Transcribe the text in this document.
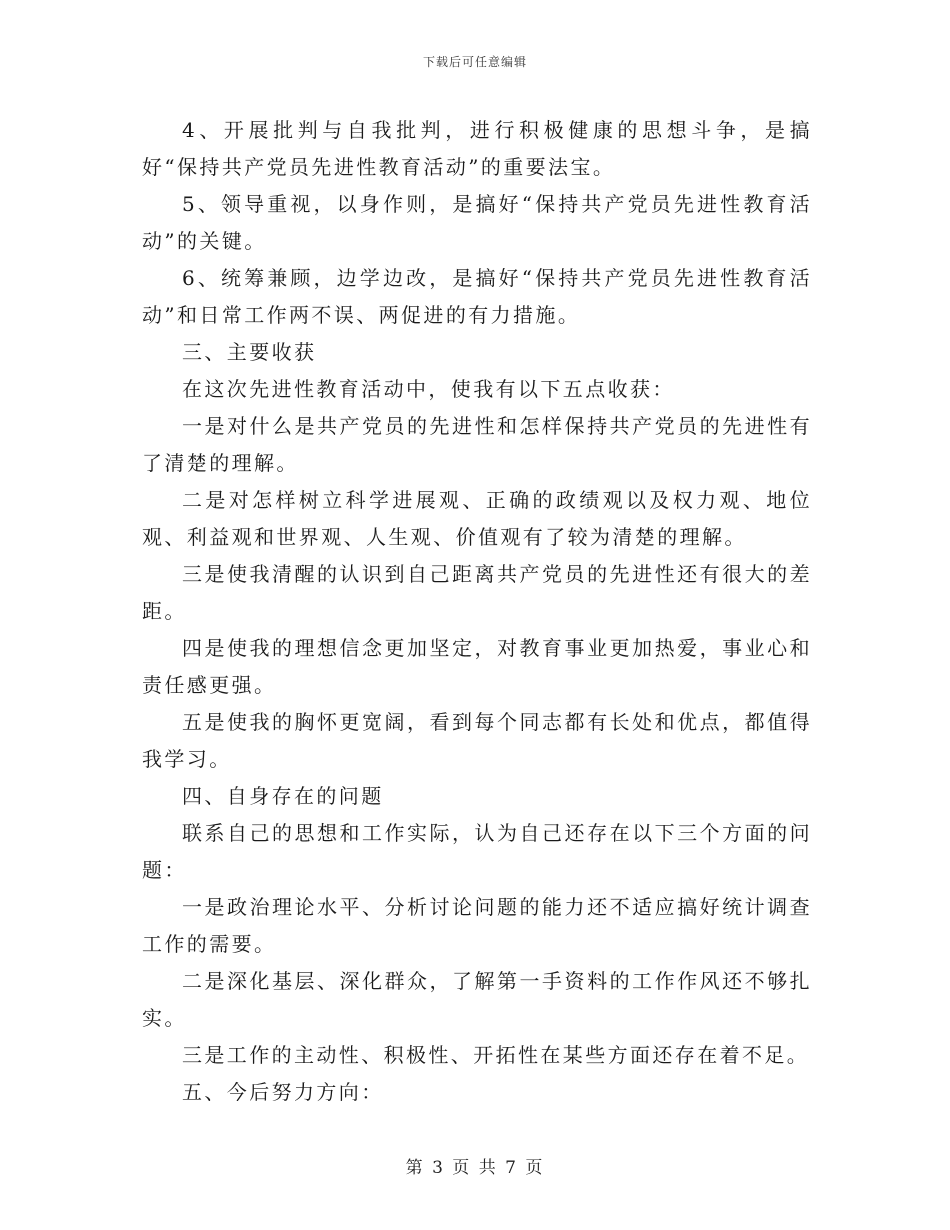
下载后可任意编辑

4、开展批判与自我批判，进行积极健康的思想斗争，是搞好“保持共产党员先进性教育活动”的重要法宝。

5、领导重视，以身作则，是搞好“保持共产党员先进性教育活动”的关键。

6、统筹兼顾，边学边改，是搞好“保持共产党员先进性教育活动”和日常工作两不误、两促进的有力措施。

三、主要收获

在这次先进性教育活动中，使我有以下五点收获：

一是对什么是共产党员的先进性和怎样保持共产党员的先进性有了清楚的理解。

二是对怎样树立科学进展观、正确的政绩观以及权力观、地位观、利益观和世界观、人生观、价值观有了较为清楚的理解。

三是使我清醒的认识到自己距离共产党员的先进性还有很大的差距。

四是使我的理想信念更加坚定，对教育事业更加热爱，事业心和责任感更强。

五是使我的胸怀更宽阔，看到每个同志都有长处和优点，都值得我学习。

四、自身存在的问题

联系自己的思想和工作实际，认为自己还存在以下三个方面的问题：

一是政治理论水平、分析讨论问题的能力还不适应搞好统计调查工作的需要。

二是深化基层、深化群众，了解第一手资料的工作作风还不够扎实。

三是工作的主动性、积极性、开拓性在某些方面还存在着不足。

五、今后努力方向：

第 3 页 共 7 页
